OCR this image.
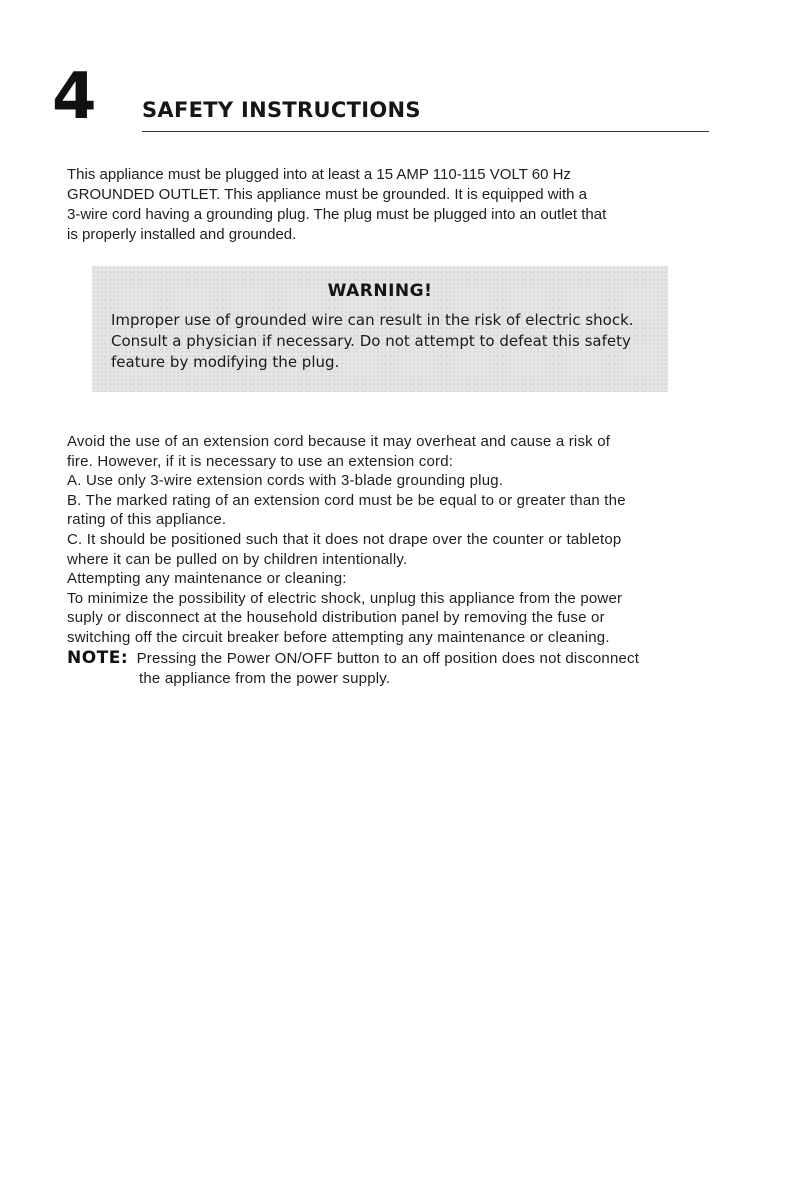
4 SAFETY INSTRUCTIONS
This appliance must be plugged into at least a 15 AMP 110-115 VOLT 60 Hz
GROUNDED OUTLET. This appliance must be grounded. It is equipped with a
3-wire cord having a grounding plug. The plug must be plugged into an outlet that
is properly installed and grounded.
WARNING!
Improper use of grounded wire can result in the risk of electric shock.
Consult a physician if necessary. Do not attempt to defeat this safety
feature by modifying the plug.
Avoid the use of an extension cord because it may overheat and cause a risk of
fire. However, if it is necessary to use an extension cord:
A. Use only 3-wire extension cords with 3-blade grounding plug.
B. The marked rating of an extension cord must be be equal to or greater than the
rating of this appliance.
C. It should be positioned such that it does not drape over the counter or tabletop
where it can be pulled on by children intentionally.
Attempting any maintenance or cleaning:
To minimize the possibility of electric shock, unplug this appliance from the power
suply or disconnect at the household distribution panel by removing the fuse or
switching off the circuit breaker before attempting any maintenance or cleaning.
NOTE: Pressing the Power ON/OFF button to an off position does not disconnect
the appliance from the power supply.
